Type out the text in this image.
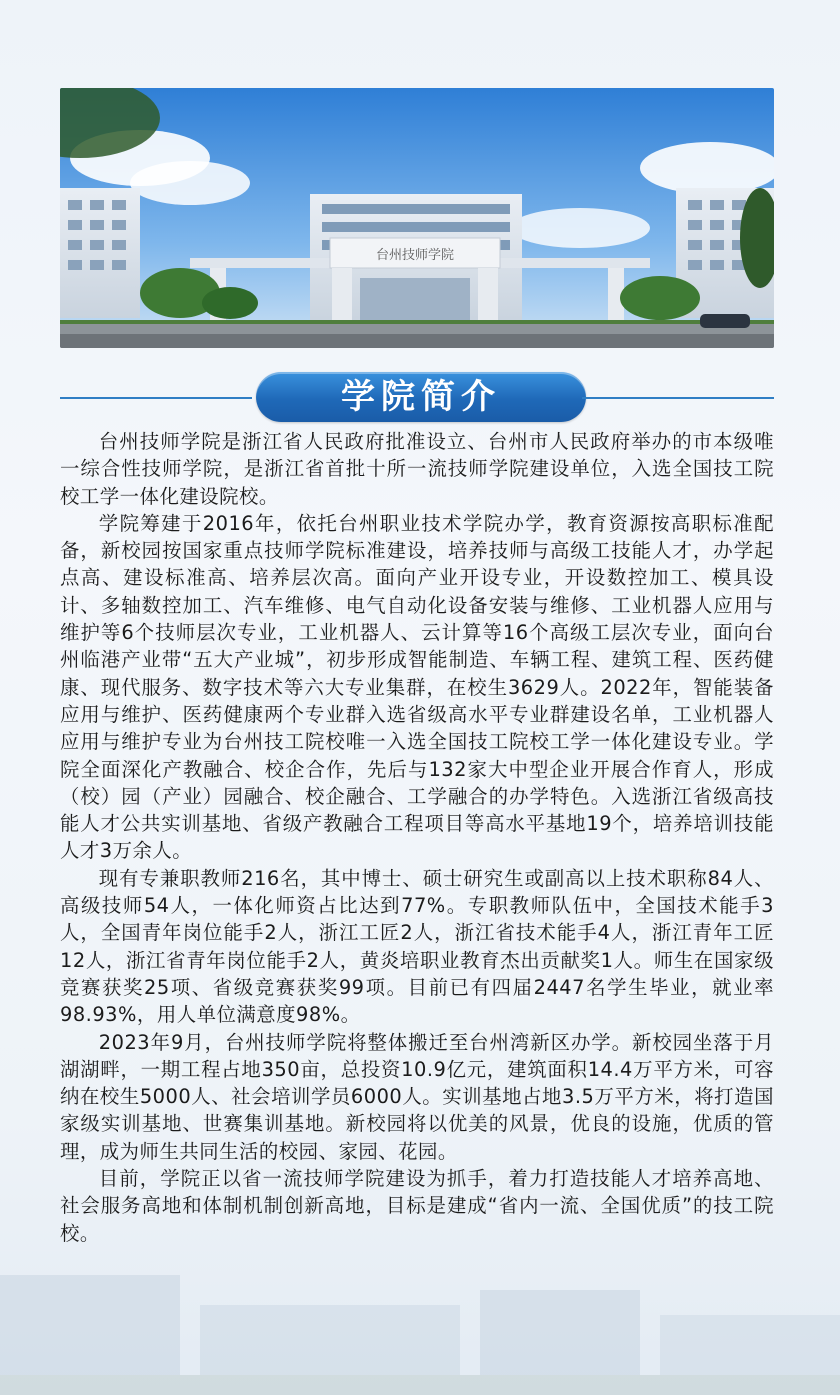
台州技师学院
学院简介

台州技师学院是浙江省人民政府批准设立、台州市人民政府举办的市本级唯一综合性技师学院，是浙江省首批十所一流技师学院建设单位，入选全国技工院校工学一体化建设院校。

学院筹建于2016年，依托台州职业技术学院办学，教育资源按高职标准配备，新校园按国家重点技师学院标准建设，培养技师与高级工技能人才，办学起点高、建设标准高、培养层次高。面向产业开设专业，开设数控加工、模具设计、多轴数控加工、汽车维修、电气自动化设备安装与维修、工业机器人应用与维护等6个技师层次专业，工业机器人、云计算等16个高级工层次专业，面向台州临港产业带“五大产业城”，初步形成智能制造、车辆工程、建筑工程、医药健康、现代服务、数字技术等六大专业集群，在校生3629人。2022年，智能装备应用与维护、医药健康两个专业群入选省级高水平专业群建设名单，工业机器人应用与维护专业为台州技工院校唯一入选全国技工院校工学一体化建设专业。学院全面深化产教融合、校企合作，先后与132家大中型企业开展合作育人，形成（校）园（产业）园融合、校企融合、工学融合的办学特色。入选浙江省级高技能人才公共实训基地、省级产教融合工程项目等高水平基地19个，培养培训技能人才3万余人。

现有专兼职教师216名，其中博士、硕士研究生或副高以上技术职称84人、高级技师54人，一体化师资占比达到77%。专职教师队伍中，全国技术能手3人，全国青年岗位能手2人，浙江工匠2人，浙江省技术能手4人，浙江青年工匠12人，浙江省青年岗位能手2人，黄炎培职业教育杰出贡献奖1人。师生在国家级竞赛获奖25项、省级竞赛获奖99项。目前已有四届2447名学生毕业，就业率98.93%，用人单位满意度98%。

2023年9月，台州技师学院将整体搬迁至台州湾新区办学。新校园坐落于月湖湖畔，一期工程占地350亩，总投资10.9亿元，建筑面积14.4万平方米，可容纳在校生5000人、社会培训学员6000人。实训基地占地3.5万平方米，将打造国家级实训基地、世赛集训基地。新校园将以优美的风景，优良的设施，优质的管理，成为师生共同生活的校园、家园、花园。

目前，学院正以省一流技师学院建设为抓手，着力打造技能人才培养高地、社会服务高地和体制机制创新高地，目标是建成“省内一流、全国优质”的技工院校。
